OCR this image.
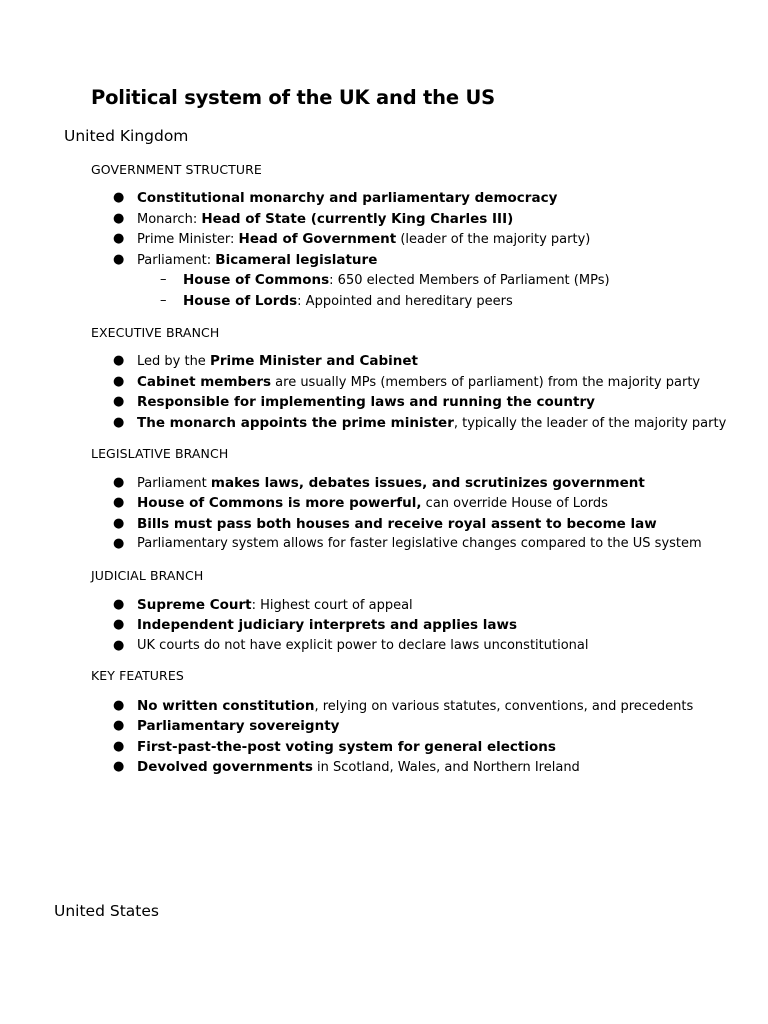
Political system of the UK and the US
United Kingdom
GOVERNMENT STRUCTURE
● Constitutional monarchy and parliamentary democracy
● Monarch: Head of State (currently King Charles III)
● Prime Minister: Head of Government (leader of the majority party)
● Parliament: Bicameral legislature
– House of Commons: 650 elected Members of Parliament (MPs)
– House of Lords: Appointed and hereditary peers
EXECUTIVE BRANCH
● Led by the Prime Minister and Cabinet
● Cabinet members are usually MPs (members of parliament) from the majority party
● Responsible for implementing laws and running the country
● The monarch appoints the prime minister, typically the leader of the majority party
LEGISLATIVE BRANCH
● Parliament makes laws, debates issues, and scrutinizes government
● House of Commons is more powerful, can override House of Lords
● Bills must pass both houses and receive royal assent to become law
● Parliamentary system allows for faster legislative changes compared to the US system
JUDICIAL BRANCH
● Supreme Court: Highest court of appeal
● Independent judiciary interprets and applies laws
● UK courts do not have explicit power to declare laws unconstitutional
KEY FEATURES
● No written constitution, relying on various statutes, conventions, and precedents
● Parliamentary sovereignty
● First-past-the-post voting system for general elections
● Devolved governments in Scotland, Wales, and Northern Ireland
United States
